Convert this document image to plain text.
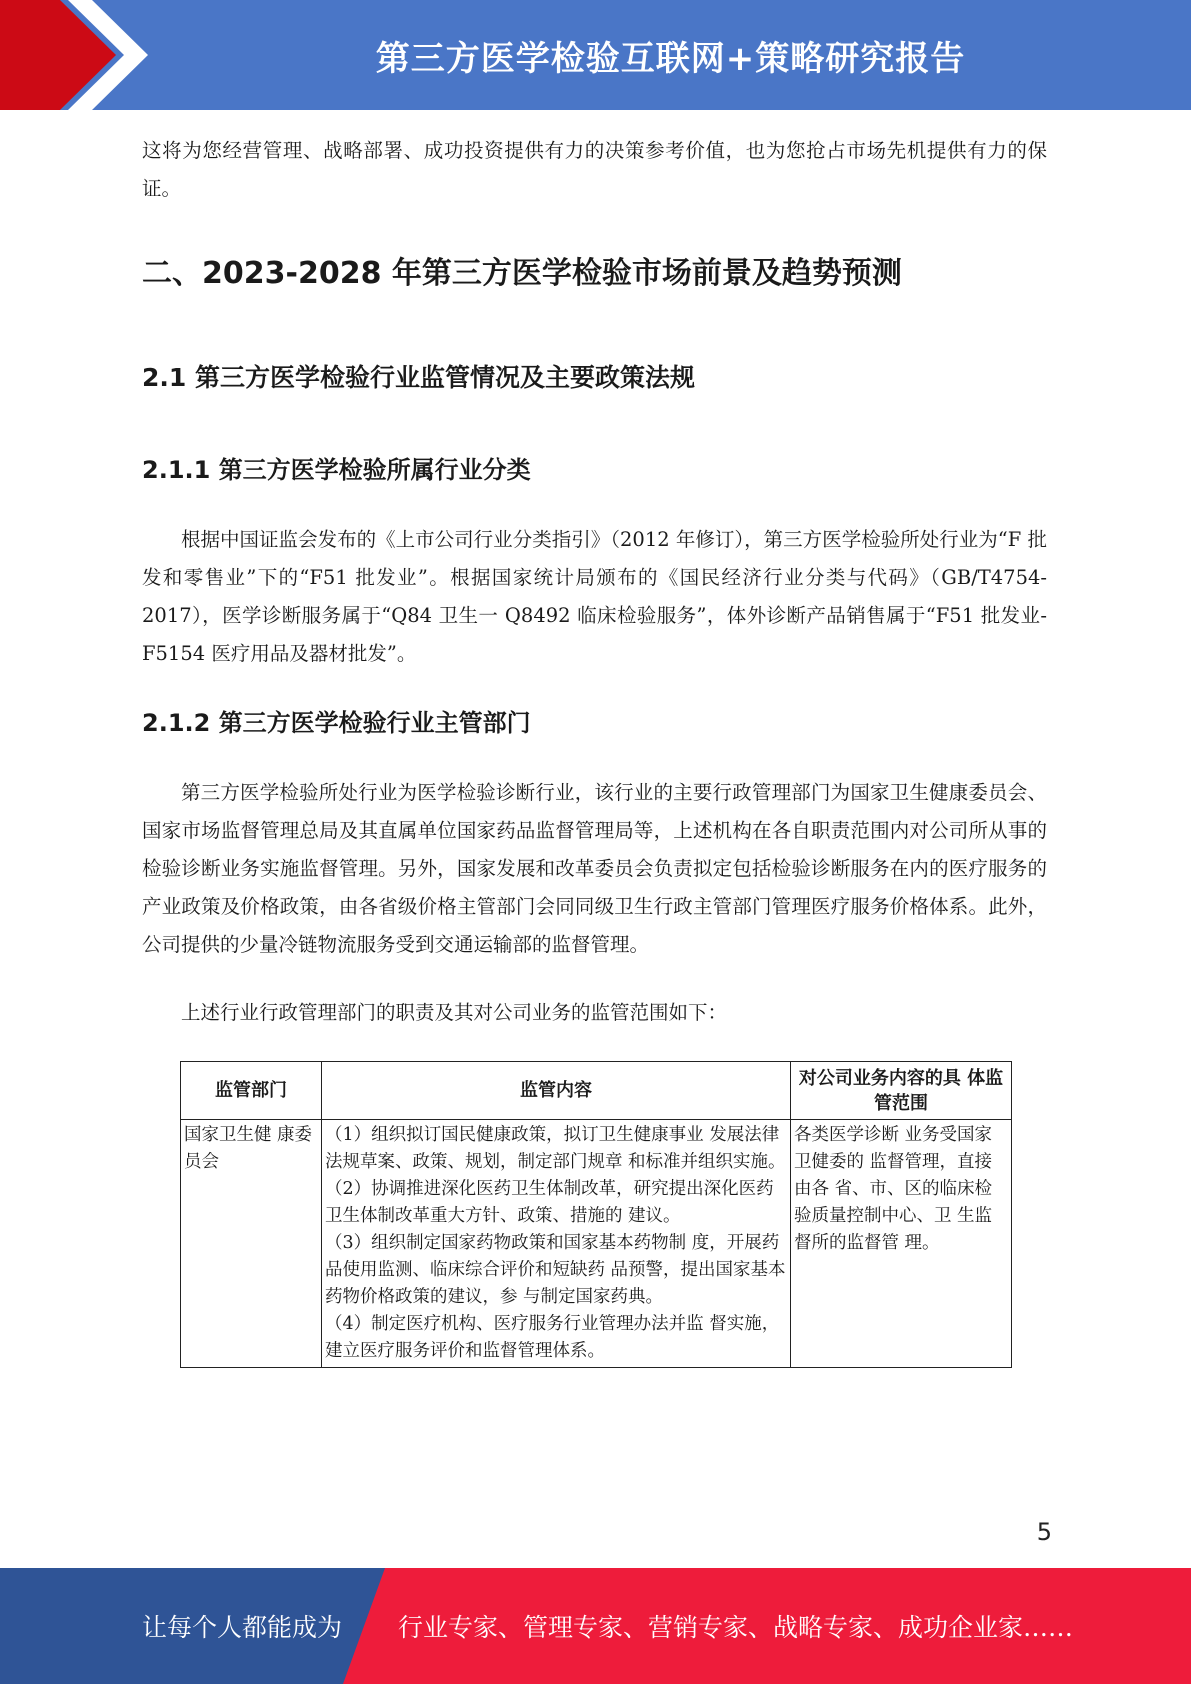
第三方医学检验互联网+策略研究报告

这将为您经营管理、战略部署、成功投资提供有力的决策参考价值，也为您抢占市场先机提供有力的保证。

二、2023-2028 年第三方医学检验市场前景及趋势预测
2.1 第三方医学检验行业监管情况及主要政策法规
2.1.1 第三方医学检验所属行业分类

根据中国证监会发布的《上市公司行业分类指引》（2012 年修订），第三方医学检验所处行业为“F 批发和零售业”下的“F51 批发业”。根据国家统计局颁布的《国民经济行业分类与代码》（GB/T4754-2017），医学诊断服务属于“Q84 卫生一 Q8492 临床检验服务”，体外诊断产品销售属于“F51 批发业-F5154 医疗用品及器材批发”。

2.1.2 第三方医学检验行业主管部门

第三方医学检验所处行业为医学检验诊断行业，该行业的主要行政管理部门为国家卫生健康委员会、国家市场监督管理总局及其直属单位国家药品监督管理局等，上述机构在各自职责范围内对公司所从事的检验诊断业务实施监督管理。另外，国家发展和改革委员会负责拟定包括检验诊断服务在内的医疗服务的产业政策及价格政策，由各省级价格主管部门会同同级卫生行政主管部门管理医疗服务价格体系。此外，公司提供的少量冷链物流服务受到交通运输部的监督管理。

上述行业行政管理部门的职责及其对公司业务的监管范围如下：

监管部门	监管内容	对公司业务内容的具 体监管范围
国家卫生健 康委员会	（1）组织拟订国民健康政策，拟订卫生健康事业 发展法律法规草案、政策、规划，制定部门规章 和标准并组织实施。
（2）协调推进深化医药卫生体制改革，研究提出深化医药卫生体制改革重大方针、政策、措施的 建议。
（3）组织制定国家药物政策和国家基本药物制 度，开展药品使用监测、临床综合评价和短缺药 品预警，提出国家基本药物价格政策的建议，参 与制定国家药典。
（4）制定医疗机构、医疗服务行业管理办法并监 督实施，建立医疗服务评价和监督管理体系。	各类医学诊断 业务受国家卫健委的 监督管理，直接由各 省、市、区的临床检验质量控制中心、卫 生监督所的监督管 理。
5
让每个人都能成为 行业专家、管理专家、营销专家、战略专家、成功企业家……
